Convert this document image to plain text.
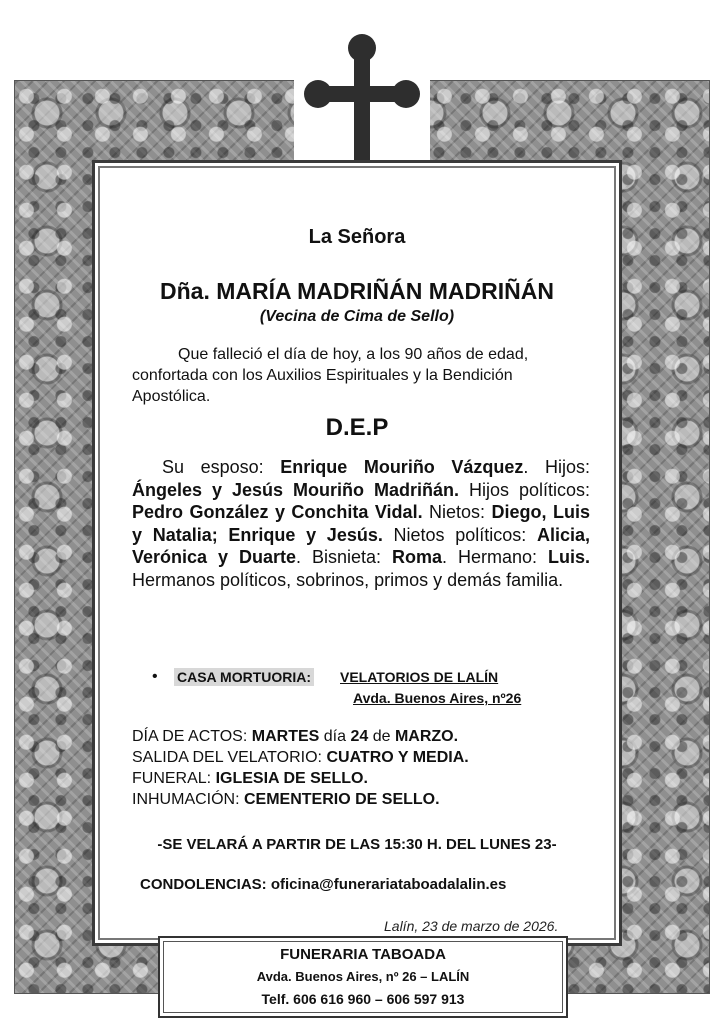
La Señora
Dña. MARÍA MADRIÑÁN MADRIÑÁN
(Vecina de Cima de Sello)
Que falleció el día de hoy, a los 90 años de edad, confortada con los Auxilios Espirituales y la Bendición Apostólica.
D.E.P
Su esposo: Enrique Mouriño Vázquez. Hijos: Ángeles y Jesús Mouriño Madriñán. Hijos políticos: Pedro González y Conchita Vidal. Nietos: Diego, Luis y Natalia; Enrique y Jesús. Nietos políticos: Alicia, Verónica y Duarte. Bisnieta: Roma. Hermano: Luis. Hermanos políticos, sobrinos, primos y demás familia.
• CASA MORTUORIA: VELATORIOS DE LALÍN
Avda. Buenos Aires, nº26
DÍA DE ACTOS: MARTES día 24 de MARZO.
SALIDA DEL VELATORIO: CUATRO Y MEDIA.
FUNERAL: IGLESIA DE SELLO.
INHUMACIÓN: CEMENTERIO DE SELLO.
-SE VELARÁ A PARTIR DE LAS 15:30 H. DEL LUNES 23-
CONDOLENCIAS: oficina@funerariataboadalalin.es
Lalín, 23 de marzo de 2026.
FUNERARIA TABOADA
Avda. Buenos Aires, nº 26 – LALÍN
Telf. 606 616 960 – 606 597 913
